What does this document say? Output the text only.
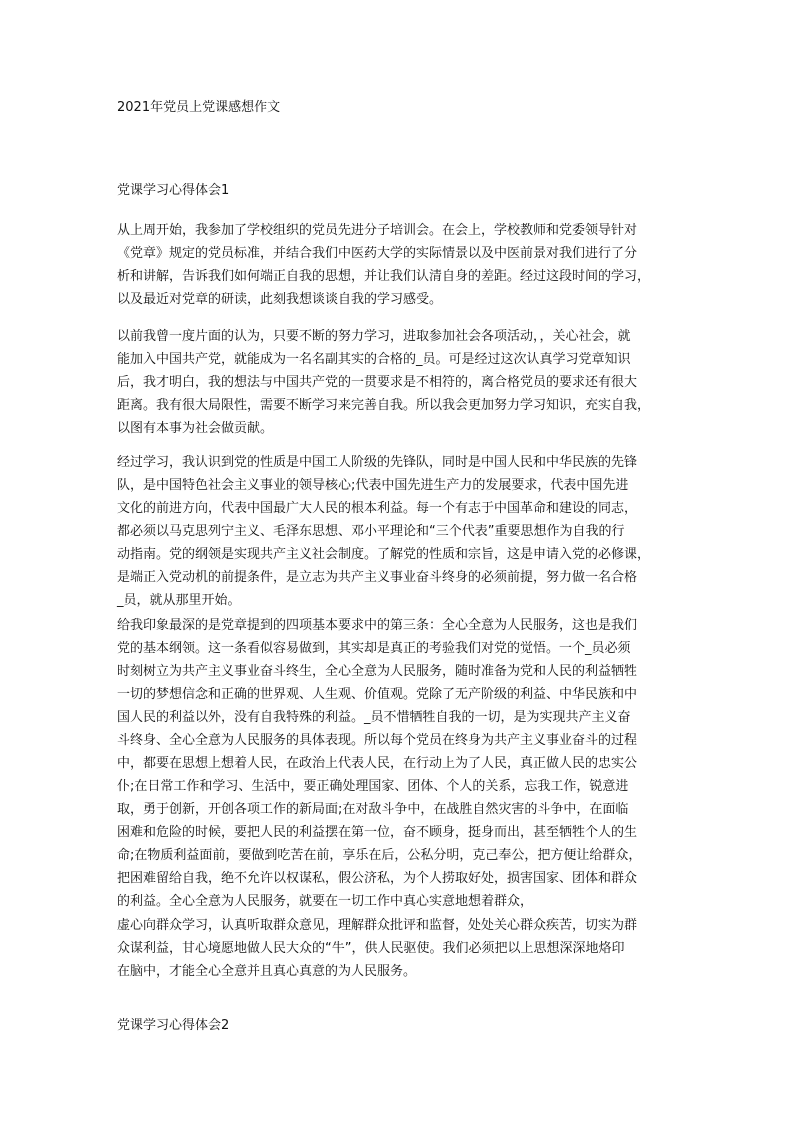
2021年党员上党课感想作文
党课学习心得体会1
从上周开始，我参加了学校组织的党员先进分子培训会。在会上，学校教师和党委领导针对
《党章》规定的党员标准，并结合我们中医药大学的实际情景以及中医前景对我们进行了分
析和讲解，告诉我们如何端正自我的思想，并让我们认清自身的差距。经过这段时间的学习，
以及最近对党章的研读，此刻我想谈谈自我的学习感受。
以前我曾一度片面的认为，只要不断的努力学习，进取参加社会各项活动，，关心社会，就
能加入中国共产党，就能成为一名名副其实的合格的_员。可是经过这次认真学习党章知识
后，我才明白，我的想法与中国共产党的一贯要求是不相符的，离合格党员的要求还有很大
距离。我有很大局限性，需要不断学习来完善自我。所以我会更加努力学习知识，充实自我，
以图有本事为社会做贡献。
经过学习，我认识到党的性质是中国工人阶级的先锋队，同时是中国人民和中华民族的先锋
队，是中国特色社会主义事业的领导核心;代表中国先进生产力的发展要求，代表中国先进
文化的前进方向，代表中国最广大人民的根本利益。每一个有志于中国革命和建设的同志，
都必须以马克思列宁主义、毛泽东思想、邓小平理论和“三个代表”重要思想作为自我的行
动指南。党的纲领是实现共产主义社会制度。了解党的性质和宗旨，这是申请入党的必修课，
是端正入党动机的前提条件，是立志为共产主义事业奋斗终身的必须前提，努力做一名合格
_员，就从那里开始。
给我印象最深的是党章提到的四项基本要求中的第三条：全心全意为人民服务，这也是我们
党的基本纲领。这一条看似容易做到，其实却是真正的考验我们对党的觉悟。一个_员必须
时刻树立为共产主义事业奋斗终生，全心全意为人民服务，随时准备为党和人民的利益牺牲
一切的梦想信念和正确的世界观、人生观、价值观。党除了无产阶级的利益、中华民族和中
国人民的利益以外，没有自我特殊的利益。_员不惜牺牲自我的一切，是为实现共产主义奋
斗终身、全心全意为人民服务的具体表现。所以每个党员在终身为共产主义事业奋斗的过程
中，都要在思想上想着人民，在政治上代表人民，在行动上为了人民，真正做人民的忠实公
仆;在日常工作和学习、生活中，要正确处理国家、团体、个人的关系，忘我工作，锐意进
取，勇于创新，开创各项工作的新局面;在对敌斗争中，在战胜自然灾害的斗争中，在面临
困难和危险的时候，要把人民的利益摆在第一位，奋不顾身，挺身而出，甚至牺牲个人的生
命;在物质利益面前，要做到吃苦在前，享乐在后，公私分明，克己奉公，把方便让给群众，
把困难留给自我，绝不允许以权谋私，假公济私，为个人捞取好处，损害国家、团体和群众
的利益。全心全意为人民服务，就要在一切工作中真心实意地想着群众，
虚心向群众学习，认真听取群众意见，理解群众批评和监督，处处关心群众疾苦，切实为群
众谋利益，甘心境愿地做人民大众的“牛”，供人民驱使。我们必须把以上思想深深地烙印
在脑中，才能全心全意并且真心真意的为人民服务。
党课学习心得体会2
